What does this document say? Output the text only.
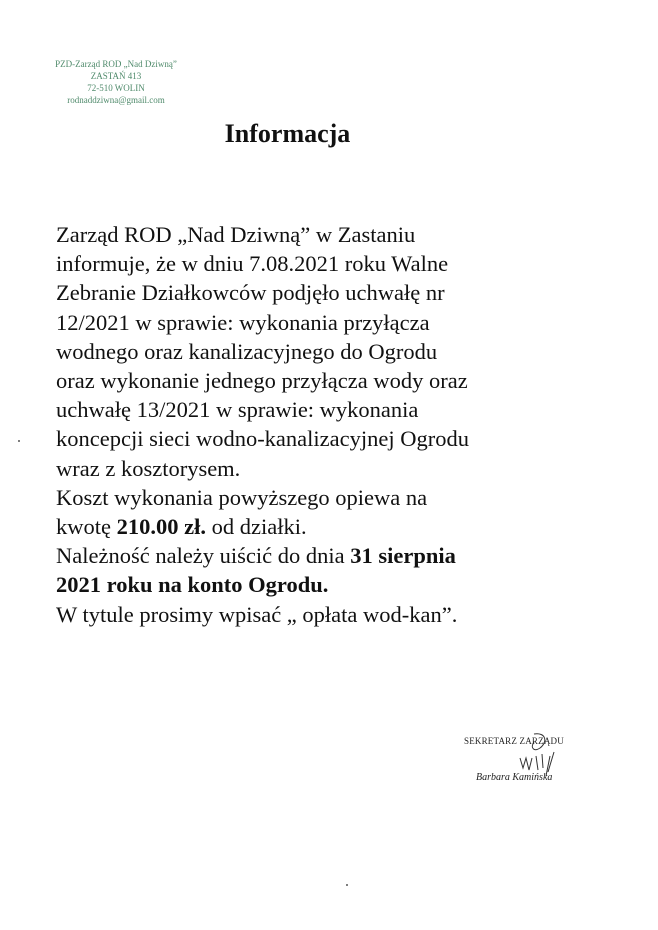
PZD-Zarząd ROD „Nad Dziwną”
ZASTAŃ 413
72-510 WOLIN
rodnaddziwna@gmail.com
Informacja
Zarząd ROD „Nad Dziwną” w Zastaniu
informuje, że w dniu 7.08.2021 roku Walne
Zebranie Działkowców podjęło uchwałę nr
12/2021 w sprawie: wykonania przyłącza
wodnego oraz kanalizacyjnego do Ogrodu
oraz wykonanie jednego przyłącza wody oraz
uchwałę 13/2021 w sprawie: wykonania
koncepcji sieci wodno-kanalizacyjnej Ogrodu
wraz z kosztorysem.
Koszt wykonania powyższego opiewa na
kwotę 210.00 zł. od działki.
Należność należy uiścić do dnia 31 sierpnia
2021 roku na konto Ogrodu.
W tytule prosimy wpisać „ opłata wod-kan”.
SEKRETARZ ZARZĄDU
Barbara Kamińska
